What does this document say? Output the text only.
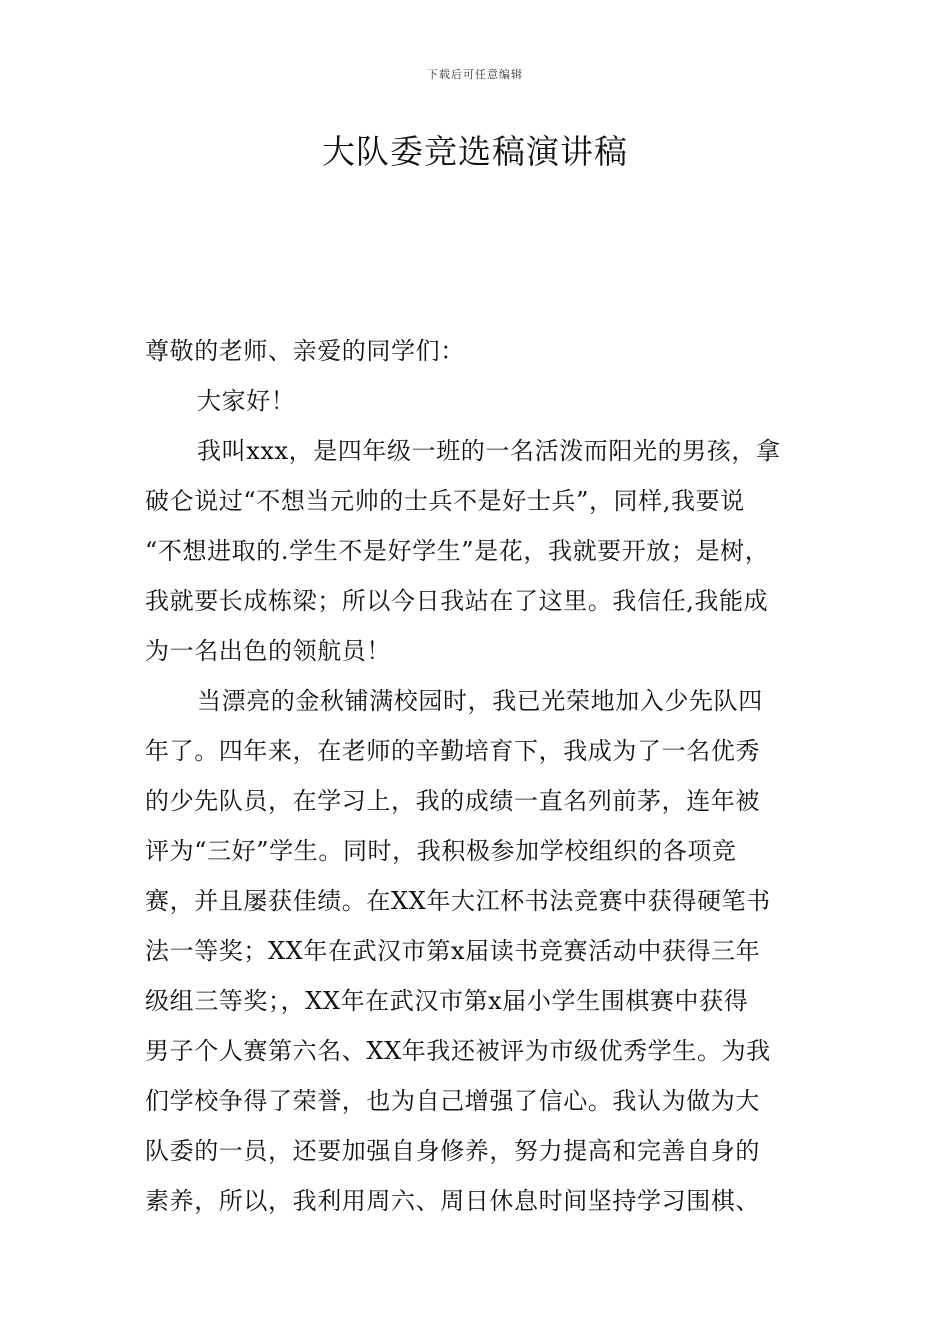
下载后可任意编辑
大队委竞选稿演讲稿
尊敬的老师、亲爱的同学们：
大家好！
我叫xxx，是四年级一班的一名活泼而阳光的男孩，拿
破仑说过“不想当元帅的士兵不是好士兵”，同样,我要说
“不想进取的.学生不是好学生”是花，我就要开放；是树，
我就要长成栋梁；所以今日我站在了这里。我信任,我能成
为一名出色的领航员！
当漂亮的金秋铺满校园时，我已光荣地加入少先队四
年了。四年来，在老师的辛勤培育下，我成为了一名优秀
的少先队员，在学习上，我的成绩一直名列前茅，连年被
评为“三好”学生。同时，我积极参加学校组织的各项竞
赛，并且屡获佳绩。在XX年大江杯书法竞赛中获得硬笔书
法一等奖；XX年在武汉市第x届读书竞赛活动中获得三年
级组三等奖；，XX年在武汉市第x届小学生围棋赛中获得
男子个人赛第六名、XX年我还被评为市级优秀学生。为我
们学校争得了荣誉，也为自己增强了信心。我认为做为大
队委的一员，还要加强自身修养，努力提高和完善自身的
素养，所以，我利用周六、周日休息时间坚持学习围棋、
